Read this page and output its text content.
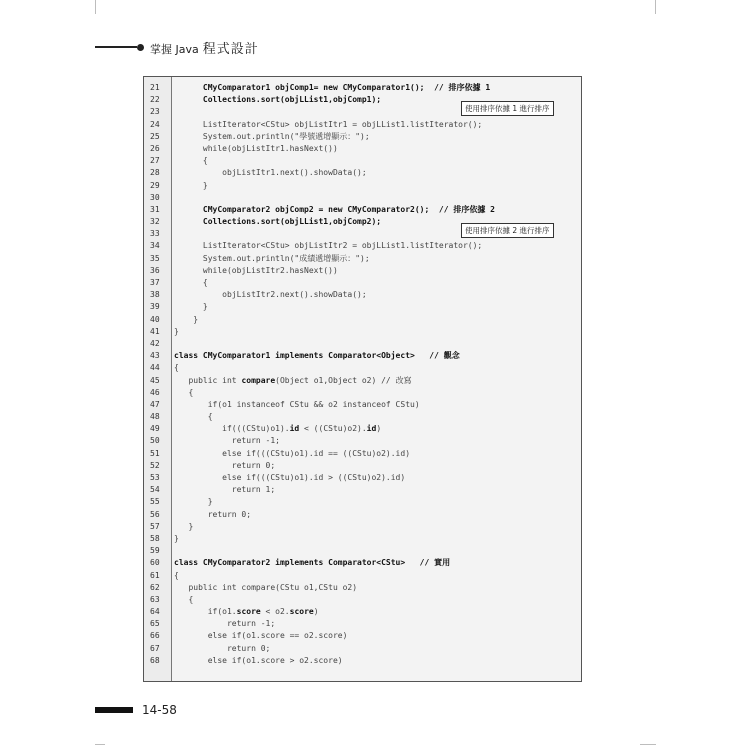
掌握 Java 程式設計
21	CMyComparator1 objComp1= new CMyComparator1();  // 排序依據 1
22	Collections.sort(objLList1,objComp1);
23
24	ListIterator<CStu> objListItr1 = objLList1.listIterator();
25	System.out.println("學號遞增顯示：");
26	while(objListItr1.hasNext())
27	{
28	objListItr1.next().showData();
29	}
30
31	CMyComparator2 objComp2 = new CMyComparator2();  // 排序依據 2
32	Collections.sort(objLList1,objComp2);
33
34	ListIterator<CStu> objListItr2 = objLList1.listIterator();
35	System.out.println("成績遞增顯示：");
36	while(objListItr2.hasNext())
37	{
38	objListItr2.next().showData();
39	}
40	}
41	}
42
43	class CMyComparator1 implements Comparator<Object>   // 觀念
44	{
45	public int compare(Object o1,Object o2) // 改寫
46	{
47	if(o1 instanceof CStu && o2 instanceof CStu)
48	{
49	if(((CStu)o1).id < ((CStu)o2).id)
50	return -1;
51	else if(((CStu)o1).id == ((CStu)o2).id)
52	return 0;
53	else if(((CStu)o1).id > ((CStu)o2).id)
54	return 1;
55	}
56	return 0;
57	}
58	}
59
60	class CMyComparator2 implements Comparator<CStu>   // 實用
61	{
62	public int compare(CStu o1,CStu o2)
63	{
64	if(o1.score < o2.score)
65	return -1;
66	else if(o1.score == o2.score)
67	return 0;
68	else if(o1.score > o2.score)
使用排序依據 1 進行排序
使用排序依據 2 進行排序
14-58
